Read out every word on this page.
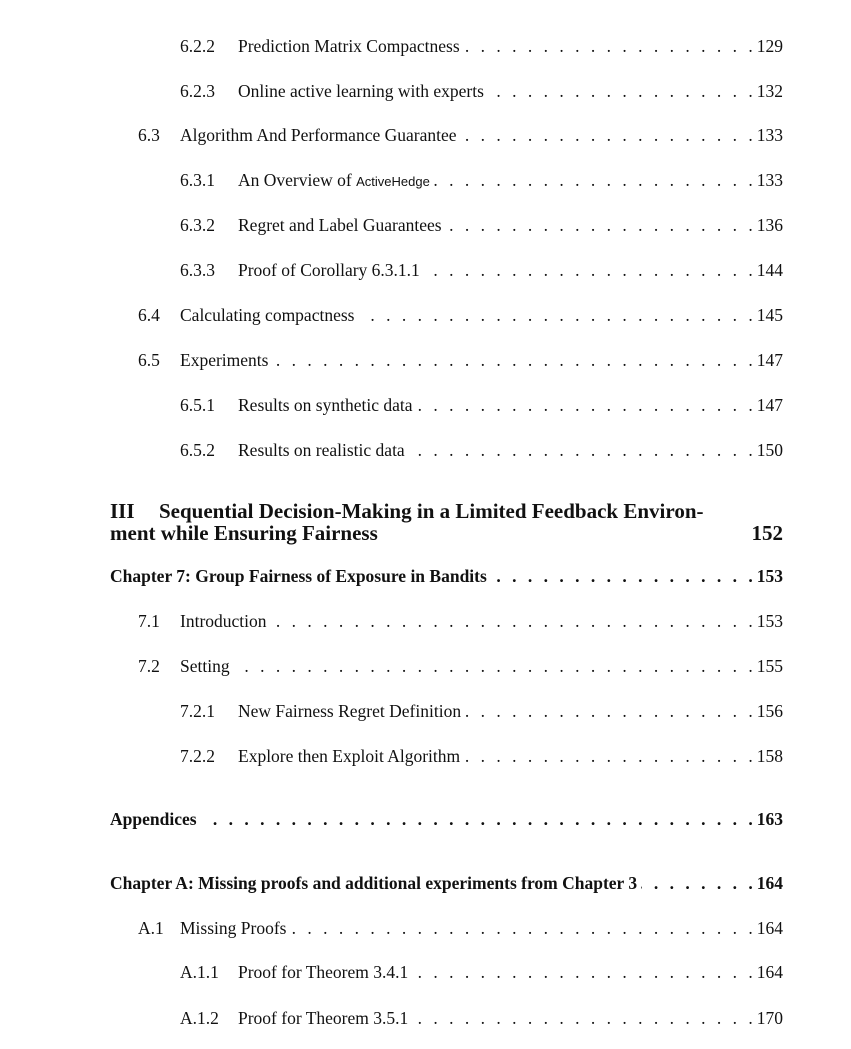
6.2.2	Prediction Matrix Compactness . . .	129
6.2.3	Online active learning with experts . . .	132
6.3	Algorithm And Performance Guarantee . . .	133
6.3.1	An Overview of ActiveHedge . . .	133
6.3.2	Regret and Label Guarantees . . .	136
6.3.3	Proof of Corollary 6.3.1.1 . . .	144
6.4	Calculating compactness . . .	145
6.5	Experiments . . .	147
6.5.1	Results on synthetic data . . .	147
6.5.2	Results on realistic data . . .	150
III Sequential Decision-Making in a Limited Feedback Environ-
ment while Ensuring Fairness	152
Chapter 7: Group Fairness of Exposure in Bandits . . .	153
7.1	Introduction . . .	153
7.2	Setting . . .	155
7.2.1	New Fairness Regret Definition . . .	156
7.2.2	Explore then Exploit Algorithm . . .	158
Appendices . . .	163
Chapter A: Missing proofs and additional experiments from Chapter 3 . . .	164
A.1 Missing Proofs . . .	164
A.1.1	Proof for Theorem 3.4.1 . . .	164
A.1.2	Proof for Theorem 3.5.1 . . .	170
